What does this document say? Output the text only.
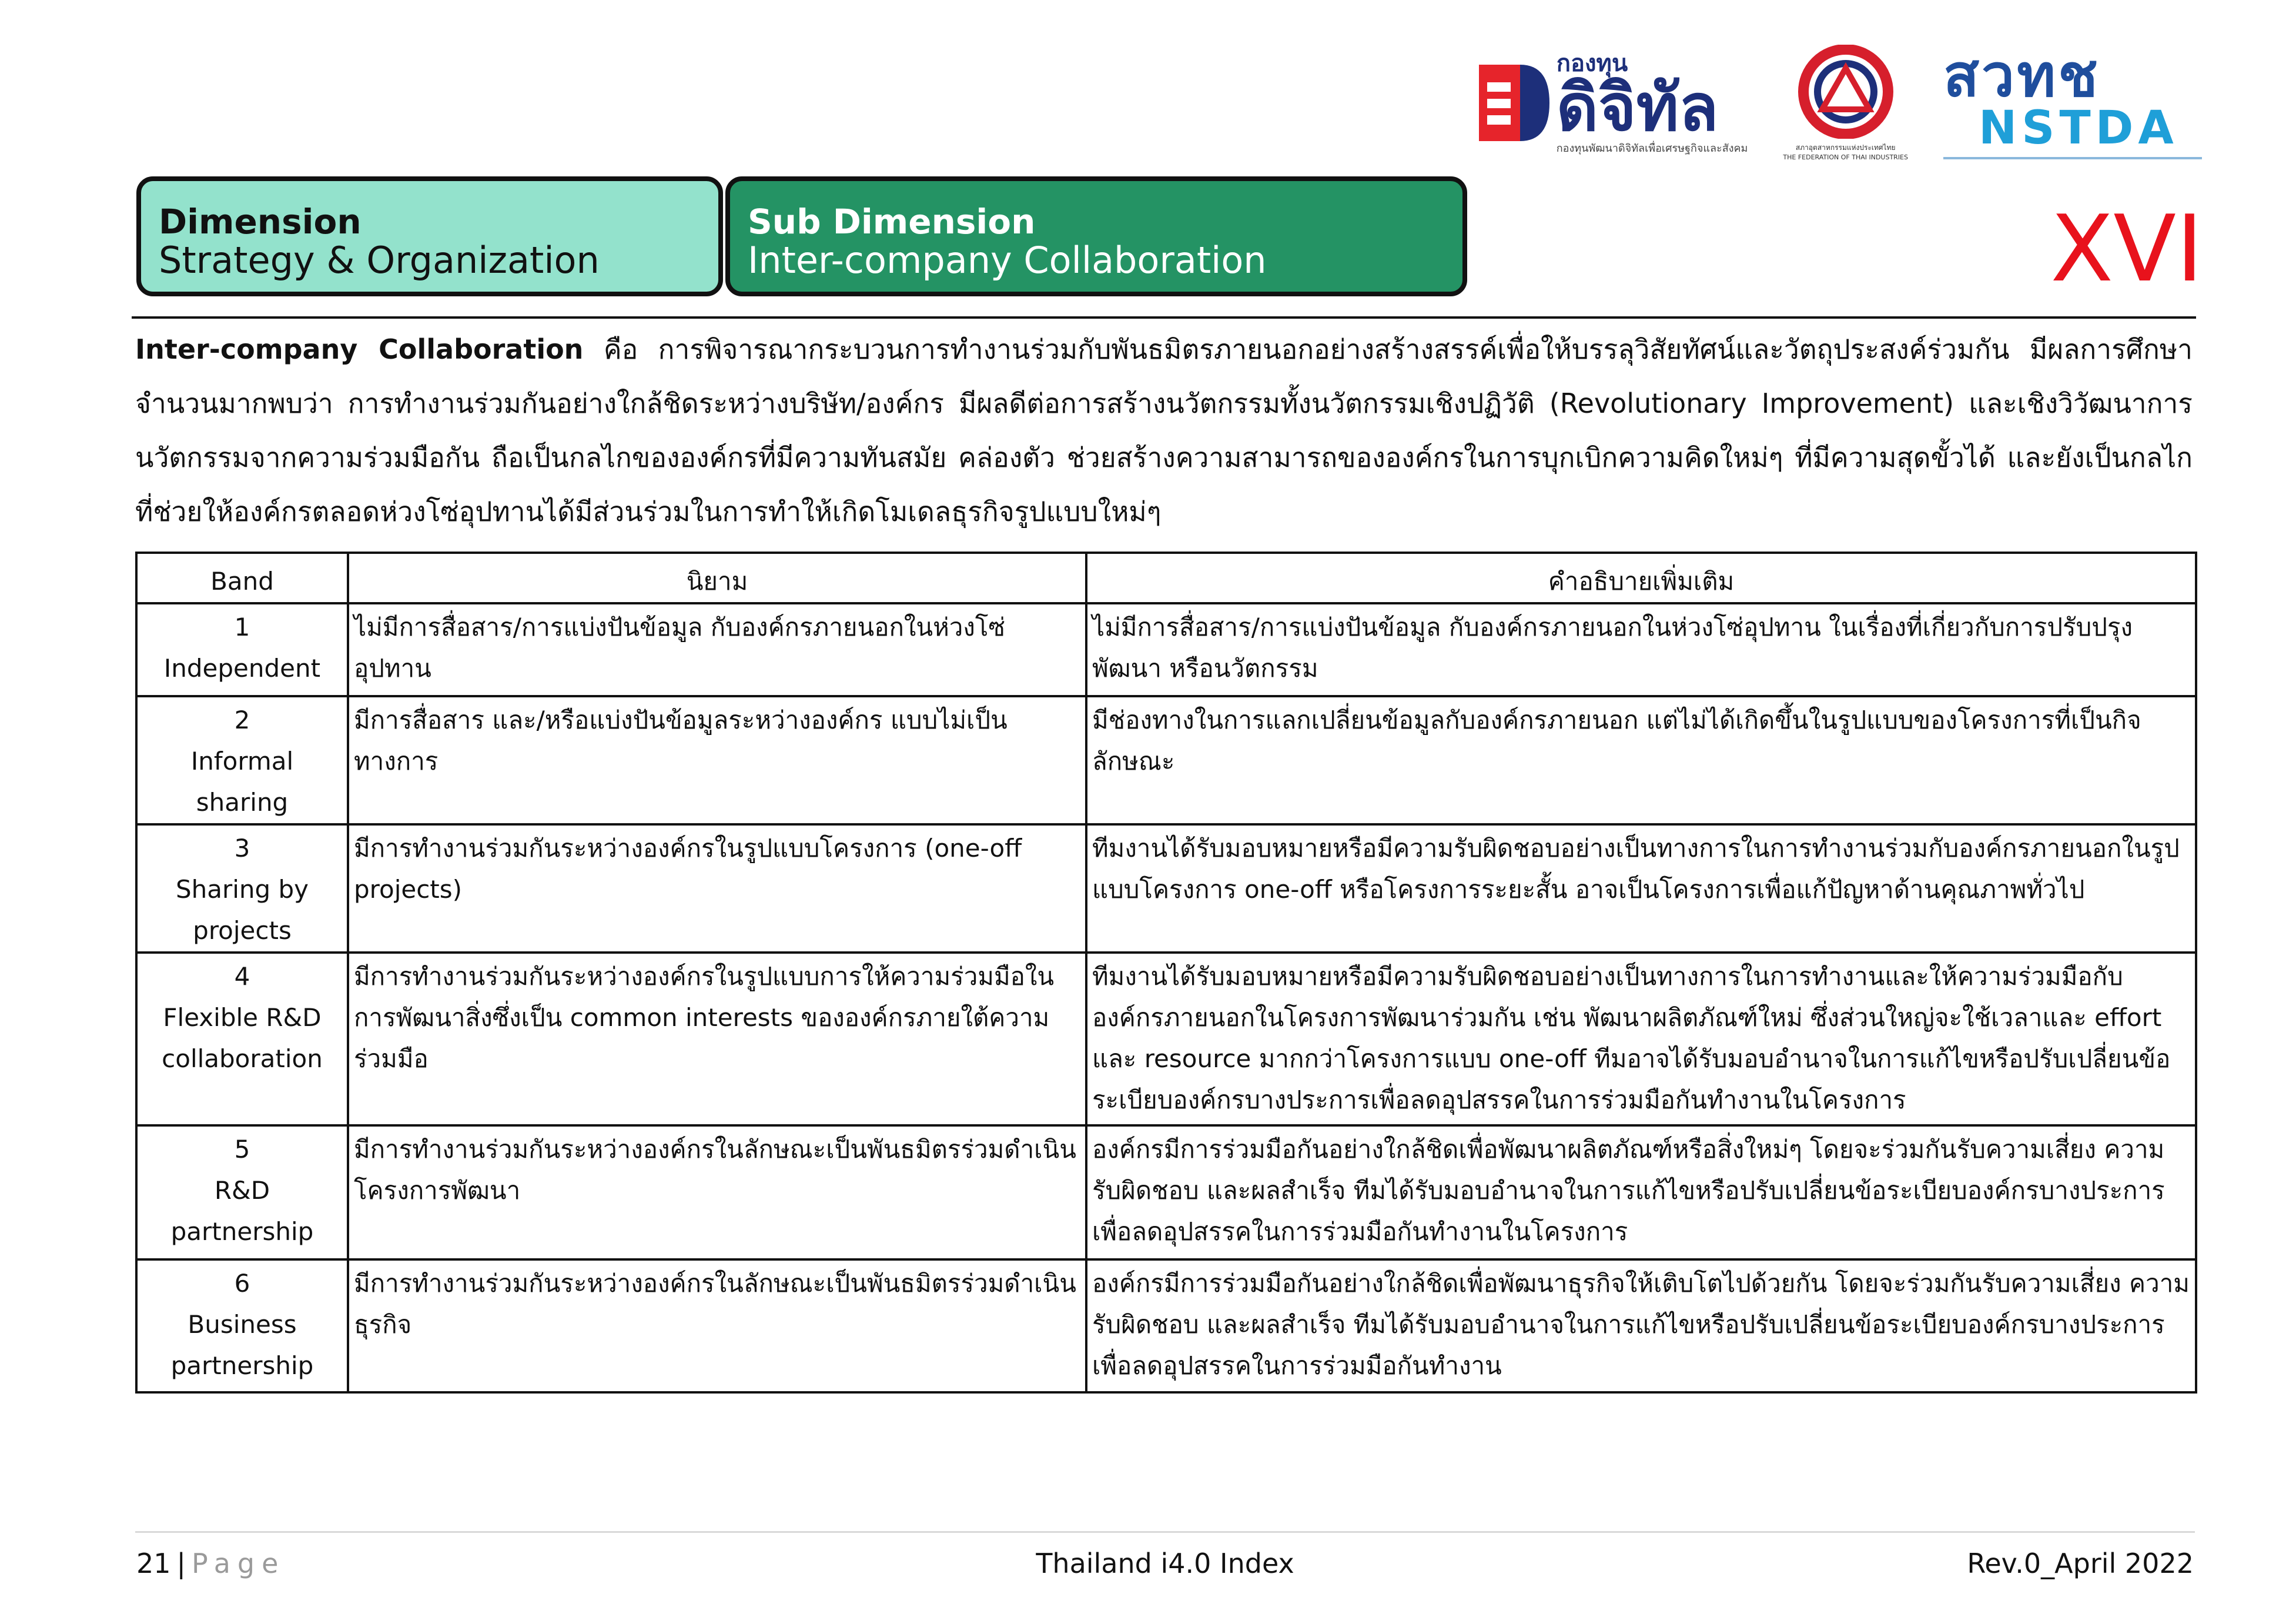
กองทุน
ดิจิทัล
กองทุนพัฒนาดิจิทัลเพื่อเศรษฐกิจและสังคม	สภาอุตสาหกรรมแห่งประเทศไทย
THE FEDERATION OF THAI INDUSTRIES
สวทช
NSTDA
Dimension
Strategy & Organization
Sub Dimension
Inter-company Collaboration	XVI
Inter-company Collaboration คือ การพิจารณากระบวนการทำงานร่วมกับพันธมิตรภายนอกอย่างสร้างสรรค์เพื่อให้บรรลุวิสัยทัศน์และวัตถุประสงค์ร่วมกัน มีผลการศึกษาจำนวนมากพบว่า การทำงานร่วมกันอย่างใกล้ชิดระหว่างบริษัท/องค์กร มีผลดีต่อการสร้างนวัตกรรมทั้งนวัตกรรมเชิงปฏิวัติ (Revolutionary Improvement) และเชิงวิวัฒนาการ นวัตกรรมจากความร่วมมือกัน ถือเป็นกลไกขององค์กรที่มีความทันสมัย คล่องตัว ช่วยสร้างความสามารถขององค์กรในการบุกเบิกความคิดใหม่ๆ ที่มีความสุดขั้วได้ และยังเป็นกลไกที่ช่วยให้องค์กรตลอดห่วงโซ่อุปทานได้มีส่วนร่วมในการทำให้เกิดโมเดลธุรกิจรูปแบบใหม่ๆ
Band	นิยาม	คำอธิบายเพิ่มเติม

1
Independent	ไม่มีการสื่อสาร/การแบ่งปันข้อมูล กับองค์กรภายนอกในห่วงโซ่อุปทาน	ไม่มีการสื่อสาร/การแบ่งปันข้อมูล กับองค์กรภายนอกในห่วงโซ่อุปทาน ในเรื่องที่เกี่ยวกับการปรับปรุง พัฒนา หรือนวัตกรรม

2
Informal sharing	มีการสื่อสาร และ/หรือแบ่งปันข้อมูลระหว่างองค์กร แบบไม่เป็นทางการ	มีช่องทางในการแลกเปลี่ยนข้อมูลกับองค์กรภายนอก แต่ไม่ได้เกิดขึ้นในรูปแบบของโครงการที่เป็นกิจลักษณะ

3
Sharing by projects	มีการทำงานร่วมกันระหว่างองค์กรในรูปแบบโครงการ (one-off projects)	ทีมงานได้รับมอบหมายหรือมีความรับผิดชอบอย่างเป็นทางการในการทำงานร่วมกับองค์กรภายนอกในรูปแบบโครงการ one-off หรือโครงการระยะสั้น อาจเป็นโครงการเพื่อแก้ปัญหาด้านคุณภาพทั่วไป

4
Flexible R&D collaboration	มีการทำงานร่วมกันระหว่างองค์กรในรูปแบบการให้ความร่วมมือในการพัฒนาสิ่งซึ่งเป็น common interests ขององค์กรภายใต้ความร่วมมือ	ทีมงานได้รับมอบหมายหรือมีความรับผิดชอบอย่างเป็นทางการในการทำงานและให้ความร่วมมือกับองค์กรภายนอกในโครงการพัฒนาร่วมกัน เช่น พัฒนาผลิตภัณฑ์ใหม่ ซึ่งส่วนใหญ่จะใช้เวลาและ effort และ resource มากกว่าโครงการแบบ one-off ทีมอาจได้รับมอบอำนาจในการแก้ไขหรือปรับเปลี่ยนข้อระเบียบองค์กรบางประการเพื่อลดอุปสรรคในการร่วมมือกันทำงานในโครงการ

5
R&D partnership	มีการทำงานร่วมกันระหว่างองค์กรในลักษณะเป็นพันธมิตรร่วมดำเนินโครงการพัฒนา	องค์กรมีการร่วมมือกันอย่างใกล้ชิดเพื่อพัฒนาผลิตภัณฑ์หรือสิ่งใหม่ๆ โดยจะร่วมกันรับความเสี่ยง ความรับผิดชอบ และผลสำเร็จ ทีมได้รับมอบอำนาจในการแก้ไขหรือปรับเปลี่ยนข้อระเบียบองค์กรบางประการเพื่อลดอุปสรรคในการร่วมมือกันทำงานในโครงการ

6
Business partnership	มีการทำงานร่วมกันระหว่างองค์กรในลักษณะเป็นพันธมิตรร่วมดำเนินธุรกิจ	องค์กรมีการร่วมมือกันอย่างใกล้ชิดเพื่อพัฒนาธุรกิจให้เติบโตไปด้วยกัน โดยจะร่วมกันรับความเสี่ยง ความรับผิดชอบ และผลสำเร็จ ทีมได้รับมอบอำนาจในการแก้ไขหรือปรับเปลี่ยนข้อระเบียบองค์กรบางประการเพื่อลดอุปสรรคในการร่วมมือกันทำงาน
21 | Page	Thailand i4.0 Index	Rev.0_April 2022
